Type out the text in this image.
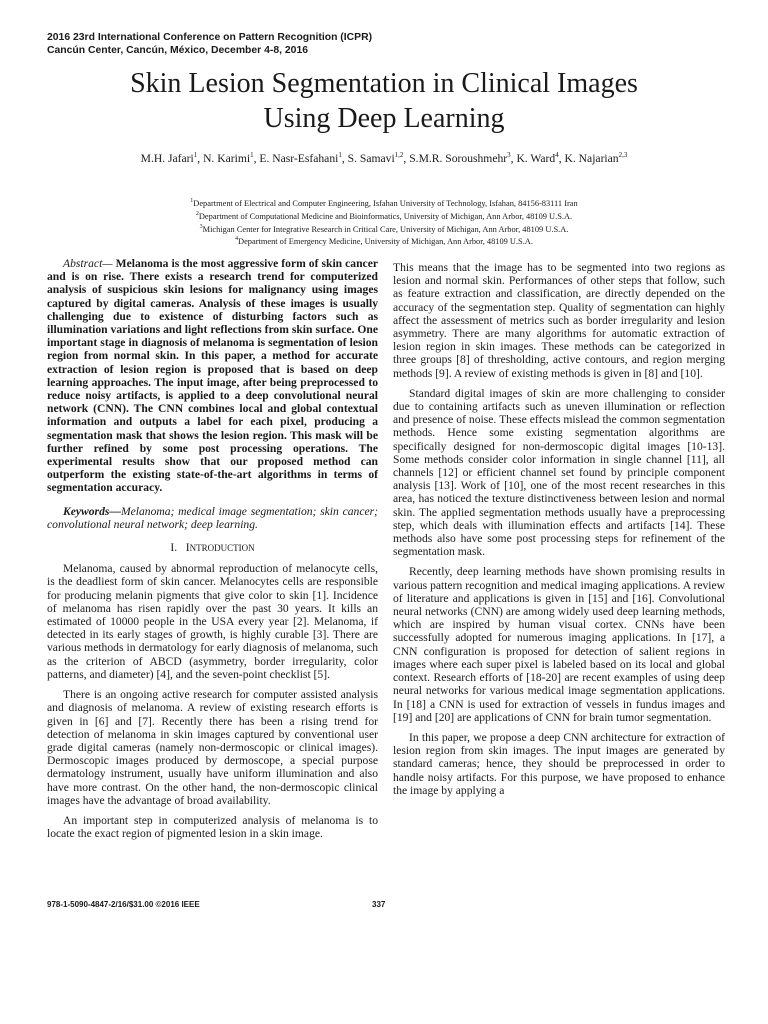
2016 23rd International Conference on Pattern Recognition (ICPR)
Cancún Center, Cancún, México, December 4-8, 2016
Skin Lesion Segmentation in Clinical Images
Using Deep Learning
M.H. Jafari$^1$, N. Karimi$^1$, E. Nasr-Esfahani$^1$, S. Samavi$^{1,2}$, S.M.R. Soroushmehr$^3$, K. Ward$^4$, K. Najarian$^{2,3}$
$^1$Department of Electrical and Computer Engineering, Isfahan University of Technology, Isfahan, 84156-83111 Iran
$^2$Department of Computational Medicine and Bioinformatics, University of Michigan, Ann Arbor, 48109 U.S.A.
$^3$Michigan Center for Integrative Research in Critical Care, University of Michigan, Ann Arbor, 48109 U.S.A.
$^4$Department of Emergency Medicine, University of Michigan, Ann Arbor, 48109 U.S.A.

Abstract— Melanoma is the most aggressive form of skin cancer and is on rise. There exists a research trend for computerized analysis of suspicious skin lesions for malignancy using images captured by digital cameras. Analysis of these images is usually challenging due to existence of disturbing factors such as illumination variations and light reflections from skin surface. One important stage in diagnosis of melanoma is segmentation of lesion region from normal skin. In this paper, a method for accurate extraction of lesion region is proposed that is based on deep learning approaches. The input image, after being preprocessed to reduce noisy artifacts, is applied to a deep convolutional neural network (CNN). The CNN combines local and global contextual information and outputs a label for each pixel, producing a segmentation mask that shows the lesion region. This mask will be further refined by some post processing operations. The experimental results show that our proposed method can outperform the existing state-of-the-art algorithms in terms of segmentation accuracy.

Keywords—Melanoma; medical image segmentation; skin cancer; convolutional neural network; deep learning.

I. INTRODUCTION

Melanoma, caused by abnormal reproduction of melanocyte cells, is the deadliest form of skin cancer. Melanocytes cells are responsible for producing melanin pigments that give color to skin [1]. Incidence of melanoma has risen rapidly over the past 30 years. It kills an estimated of 10000 people in the USA every year [2]. Melanoma, if detected in its early stages of growth, is highly curable [3]. There are various methods in dermatology for early diagnosis of melanoma, such as the criterion of ABCD (asymmetry, border irregularity, color patterns, and diameter) [4], and the seven-point checklist [5].

There is an ongoing active research for computer assisted analysis and diagnosis of melanoma. A review of existing research efforts is given in [6] and [7]. Recently there has been a rising trend for detection of melanoma in skin images captured by conventional user grade digital cameras (namely non-dermoscopic or clinical images). Dermoscopic images produced by dermoscope, a special purpose dermatology instrument, usually have uniform illumination and also have more contrast. On the other hand, the non-dermoscopic clinical images have the advantage of broad availability.

An important step in computerized analysis of melanoma is to locate the exact region of pigmented lesion in a skin image.

This means that the image has to be segmented into two regions as lesion and normal skin. Performances of other steps that follow, such as feature extraction and classification, are directly depended on the accuracy of the segmentation step. Quality of segmentation can highly affect the assessment of metrics such as border irregularity and lesion asymmetry. There are many algorithms for automatic extraction of lesion region in skin images. These methods can be categorized in three groups [8] of thresholding, active contours, and region merging methods [9]. A review of existing methods is given in [8] and [10].

Standard digital images of skin are more challenging to consider due to containing artifacts such as uneven illumination or reflection and presence of noise. These effects mislead the common segmentation methods. Hence some existing segmentation algorithms are specifically designed for non-dermoscopic digital images [10-13]. Some methods consider color information in single channel [11], all channels [12] or efficient channel set found by principle component analysis [13]. Work of [10], one of the most recent researches in this area, has noticed the texture distinctiveness between lesion and normal skin. The applied segmentation methods usually have a preprocessing step, which deals with illumination effects and artifacts [14]. These methods also have some post processing steps for refinement of the segmentation mask.

Recently, deep learning methods have shown promising results in various pattern recognition and medical imaging applications. A review of literature and applications is given in [15] and [16]. Convolutional neural networks (CNN) are among widely used deep learning methods, which are inspired by human visual cortex. CNNs have been successfully adopted for numerous imaging applications. In [17], a CNN configuration is proposed for detection of salient regions in images where each super pixel is labeled based on its local and global context. Research efforts of [18-20] are recent examples of using deep neural networks for various medical image segmentation applications. In [18] a CNN is used for extraction of vessels in fundus images and [19] and [20] are applications of CNN for brain tumor segmentation.

In this paper, we propose a deep CNN architecture for extraction of lesion region from skin images. The input images are generated by standard cameras; hence, they should be preprocessed in order to handle noisy artifacts. For this purpose, we have proposed to enhance the image by applying a

978-1-5090-4847-2/16/$31.00 ©2016 IEEE	337
